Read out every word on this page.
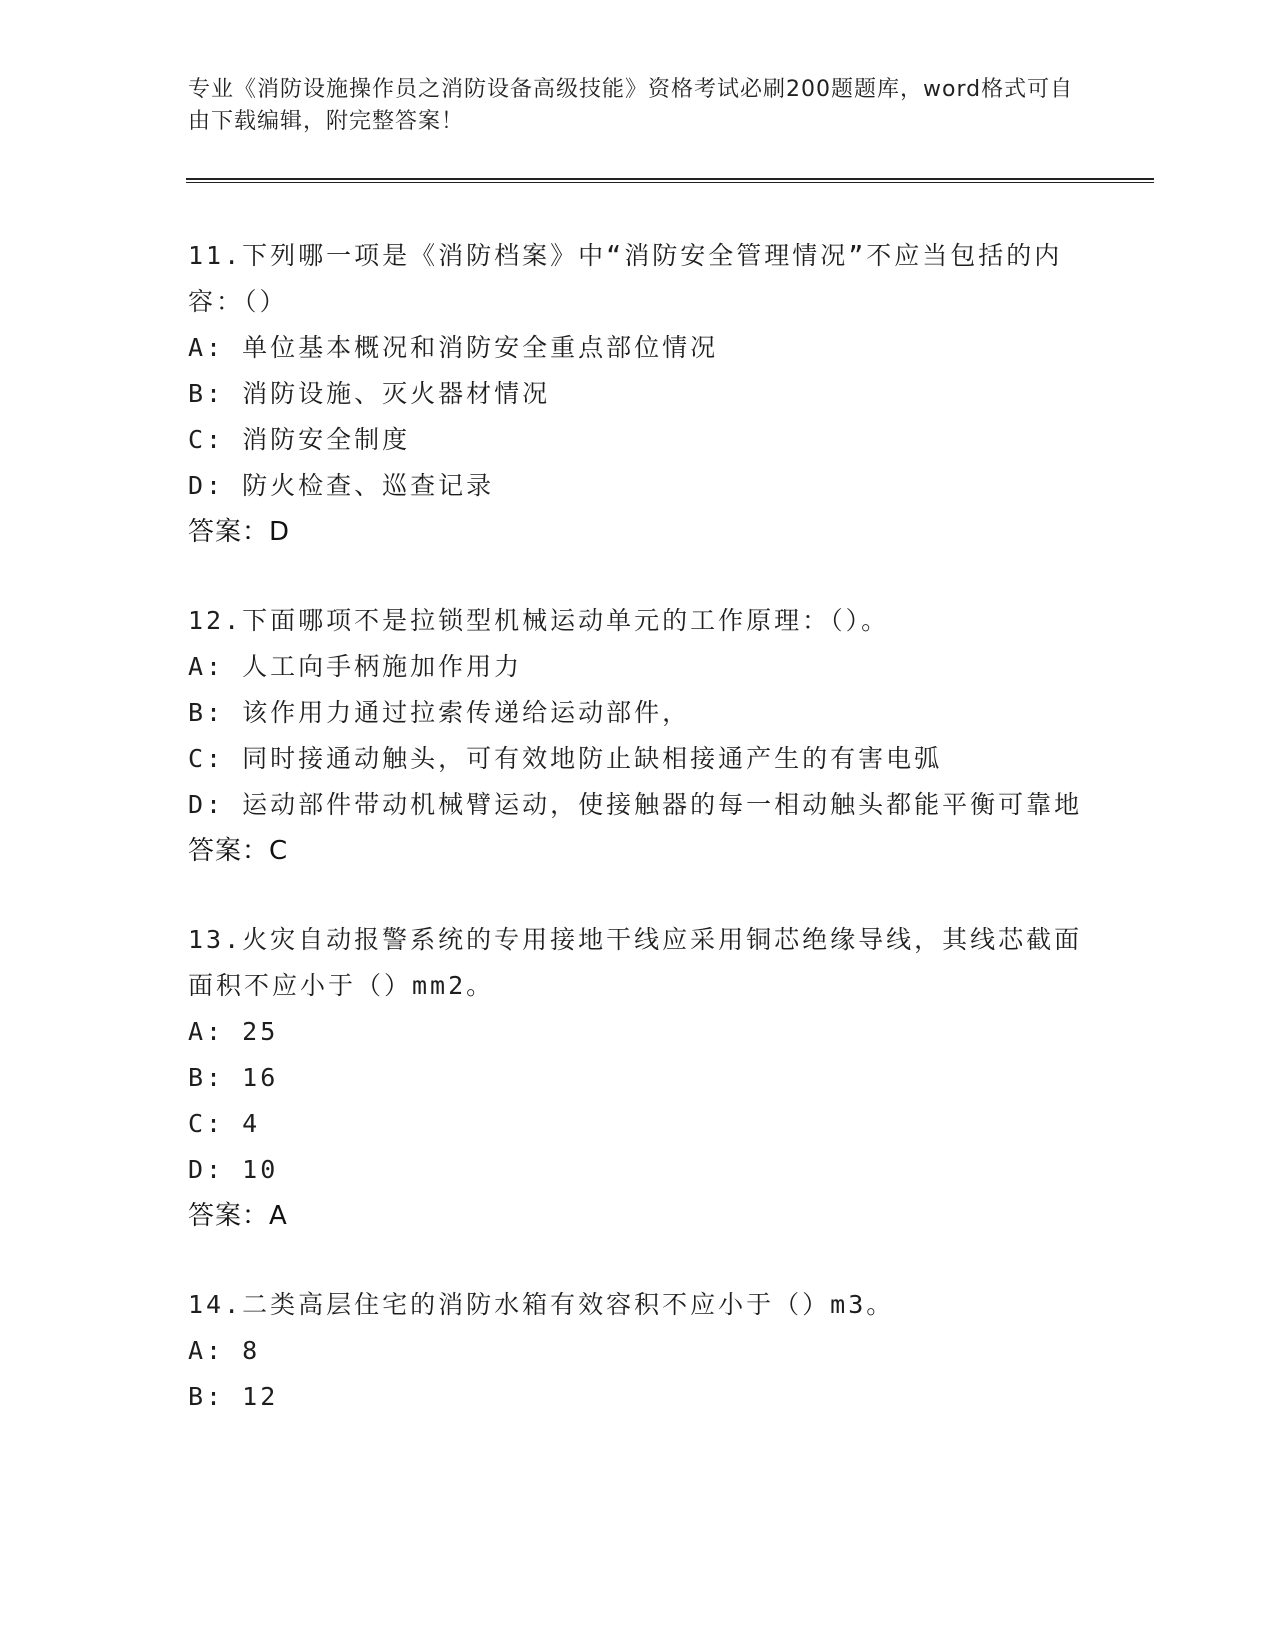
专业《消防设施操作员之消防设备高级技能》资格考试必刷200题题库，word格式可自由下载编辑，附完整答案！
11.下列哪一项是《消防档案》中“消防安全管理情况”不应当包括的内容：（）
A: 单位基本概况和消防安全重点部位情况
B: 消防设施、灭火器材情况
C: 消防安全制度
D: 防火检查、巡查记录
答案：D
12.下面哪项不是拉锁型机械运动单元的工作原理：（）。
A: 人工向手柄施加作用力
B: 该作用力通过拉索传递给运动部件，
C: 同时接通动触头，可有效地防止缺相接通产生的有害电弧
D: 运动部件带动机械臂运动，使接触器的每一相动触头都能平衡可靠地
答案：C
13.火灾自动报警系统的专用接地干线应采用铜芯绝缘导线，其线芯截面面积不应小于（）mm2。
A: 25
B: 16
C: 4
D: 10
答案：A
14.二类高层住宅的消防水箱有效容积不应小于（）m3。
A: 8
B: 12
